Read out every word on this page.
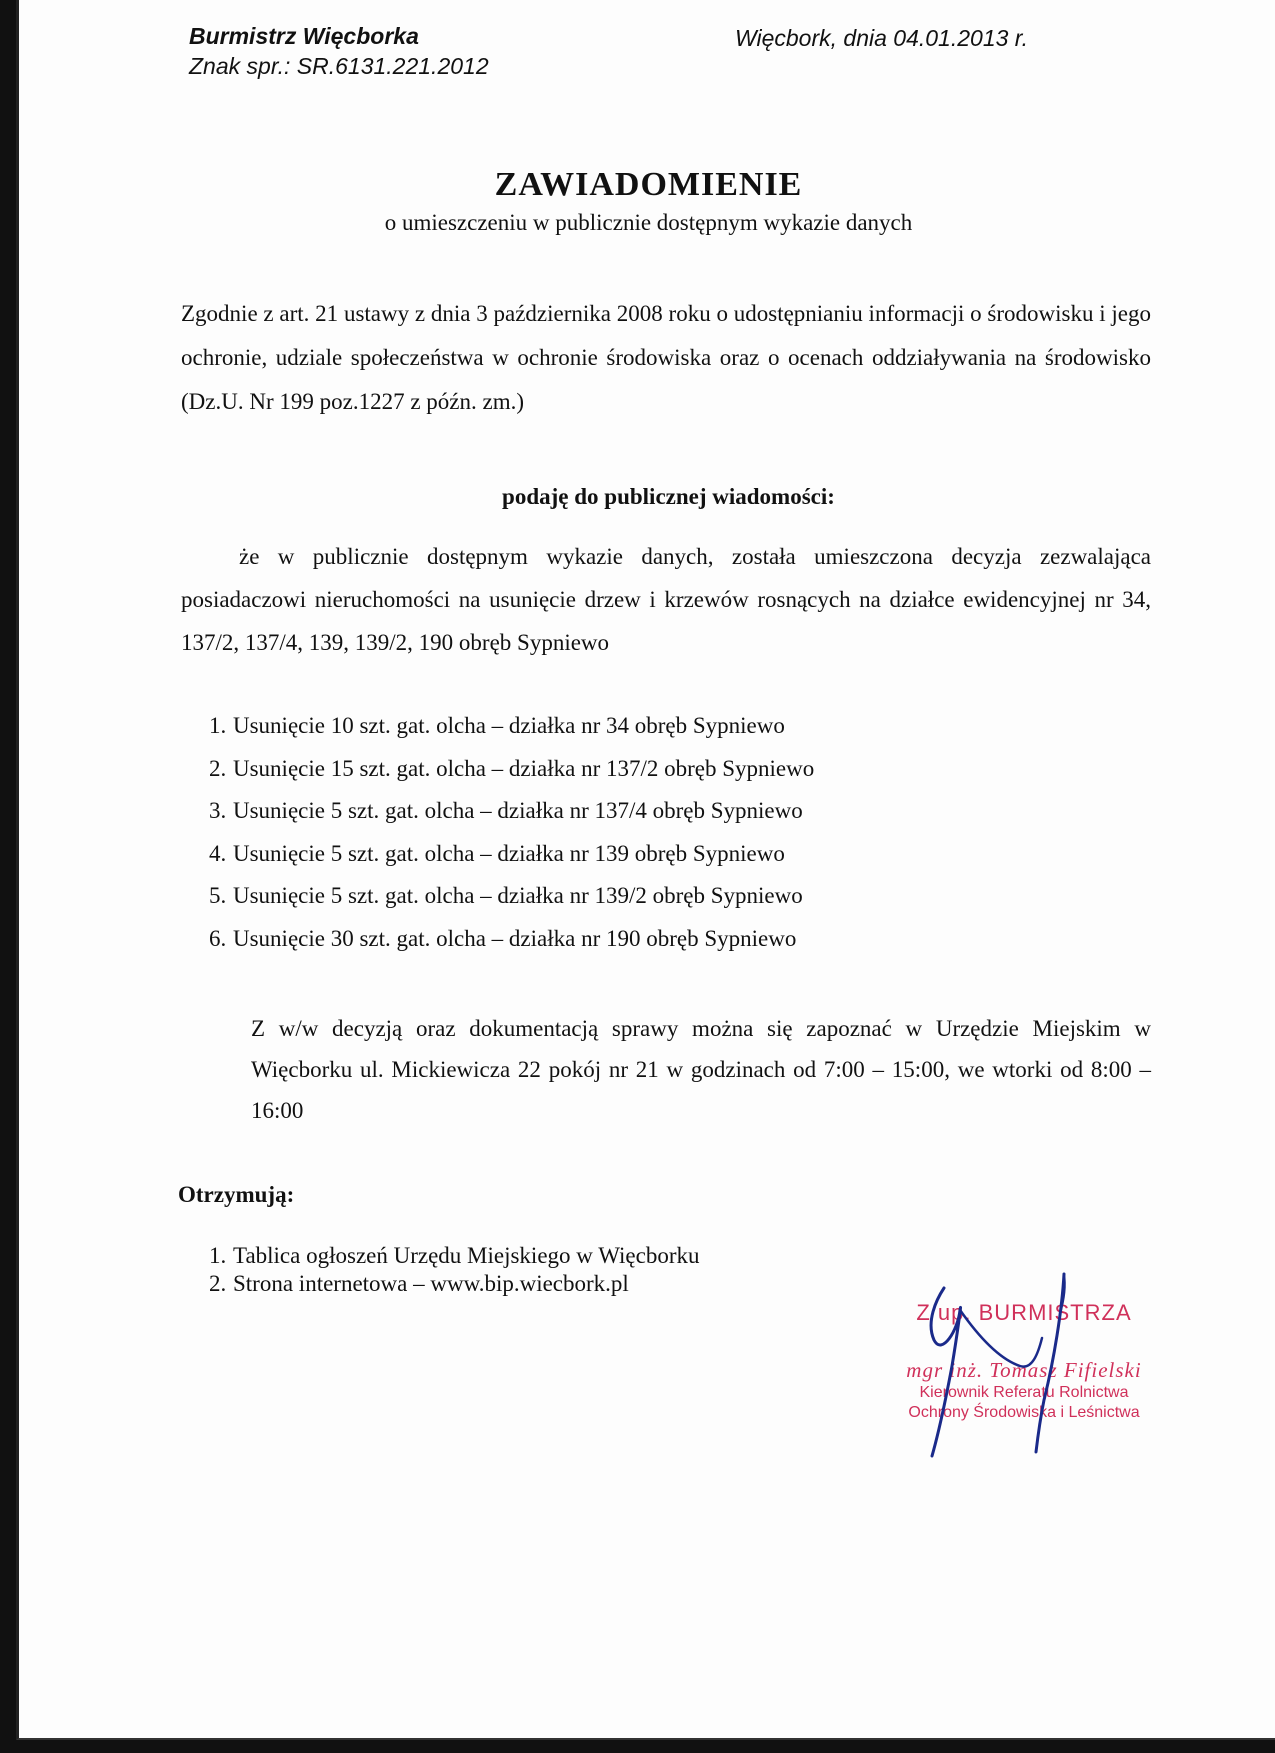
Burmistrz Więcborka
Znak spr.: SR.6131.221.2012
Więcbork, dnia 04.01.2013 r.
ZAWIADOMIENIE
o umieszczeniu w publicznie dostępnym wykazie danych
Zgodnie z art. 21 ustawy z dnia 3 października 2008 roku o udostępnianiu informacji o środowisku i jego ochronie, udziale społeczeństwa w ochronie środowiska oraz o ocenach oddziaływania na środowisko (Dz.U. Nr 199 poz.1227 z późn. zm.)
podaję do publicznej wiadomości:
że w publicznie dostępnym wykazie danych, została umieszczona decyzja zezwalająca posiadaczowi nieruchomości na usunięcie drzew i krzewów rosnących na działce ewidencyjnej nr 34, 137/2, 137/4, 139, 139/2, 190 obręb Sypniewo
1. Usunięcie 10 szt. gat. olcha – działka nr 34 obręb Sypniewo
2. Usunięcie 15 szt. gat. olcha – działka nr 137/2 obręb Sypniewo
3. Usunięcie 5 szt. gat. olcha – działka nr 137/4 obręb Sypniewo
4. Usunięcie 5 szt. gat. olcha – działka nr 139 obręb Sypniewo
5. Usunięcie 5 szt. gat. olcha – działka nr 139/2 obręb Sypniewo
6. Usunięcie 30 szt. gat. olcha – działka nr 190 obręb Sypniewo
Z w/w decyzją oraz dokumentacją sprawy można się zapoznać w Urzędzie Miejskim w Więcborku ul. Mickiewicza 22 pokój nr 21 w godzinach od 7:00 – 15:00, we wtorki od 8:00 – 16:00
Otrzymują:
1. Tablica ogłoszeń Urzędu Miejskiego w Więcborku
2. Strona internetowa – www.bip.wiecbork.pl
Z up. BURMISTRZA
mgr inż. Tomasz Fifielski
Kierownik Referatu Rolnictwa
Ochrony Środowiska i Leśnictwa
